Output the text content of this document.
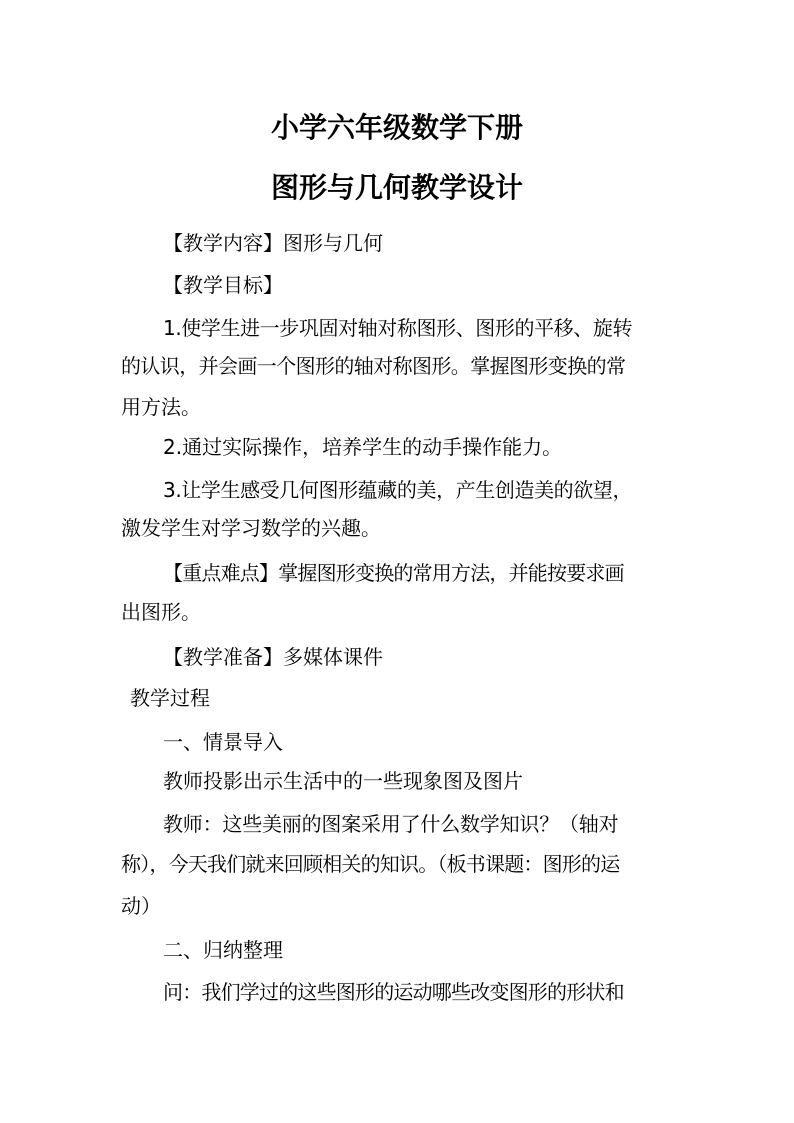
小学六年级数学下册
图形与几何教学设计
【教学内容】图形与几何
【教学目标】
1.使学生进一步巩固对轴对称图形、图形的平移、旋转
的认识，并会画一个图形的轴对称图形。掌握图形变换的常
用方法。
2.通过实际操作，培养学生的动手操作能力。
3.让学生感受几何图形蕴藏的美，产生创造美的欲望，
激发学生对学习数学的兴趣。
【重点难点】掌握图形变换的常用方法，并能按要求画
出图形。
【教学准备】多媒体课件
教学过程
一、情景导入
教师投影出示生活中的一些现象图及图片
教师：这些美丽的图案采用了什么数学知识？（轴对
称），今天我们就来回顾相关的知识。（板书课题：图形的运
动）
二、归纳整理
问：我们学过的这些图形的运动哪些改变图形的形状和
